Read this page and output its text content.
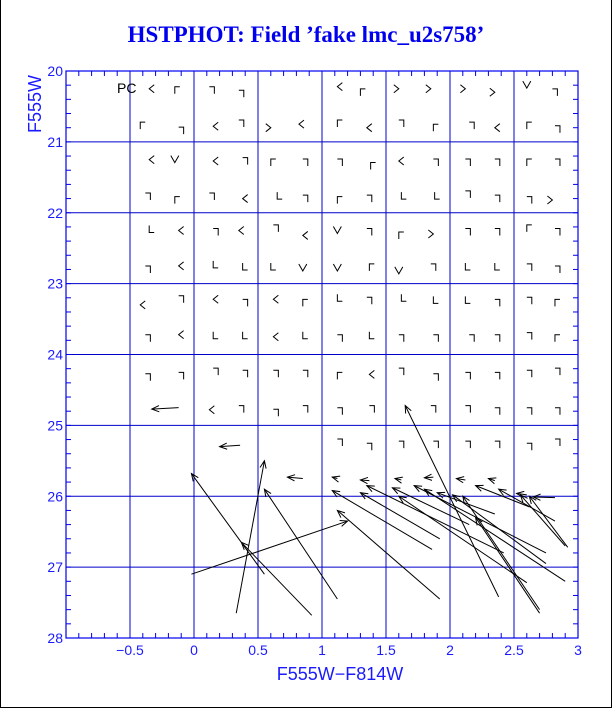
HSTPHOT: Field ’fake lmc_u2s758’
−0.5	0	0.5	1	1.5	2	2.5	3
20
21
22
23
24
25
26
27
28
PC
F555W−F814W
F555W
